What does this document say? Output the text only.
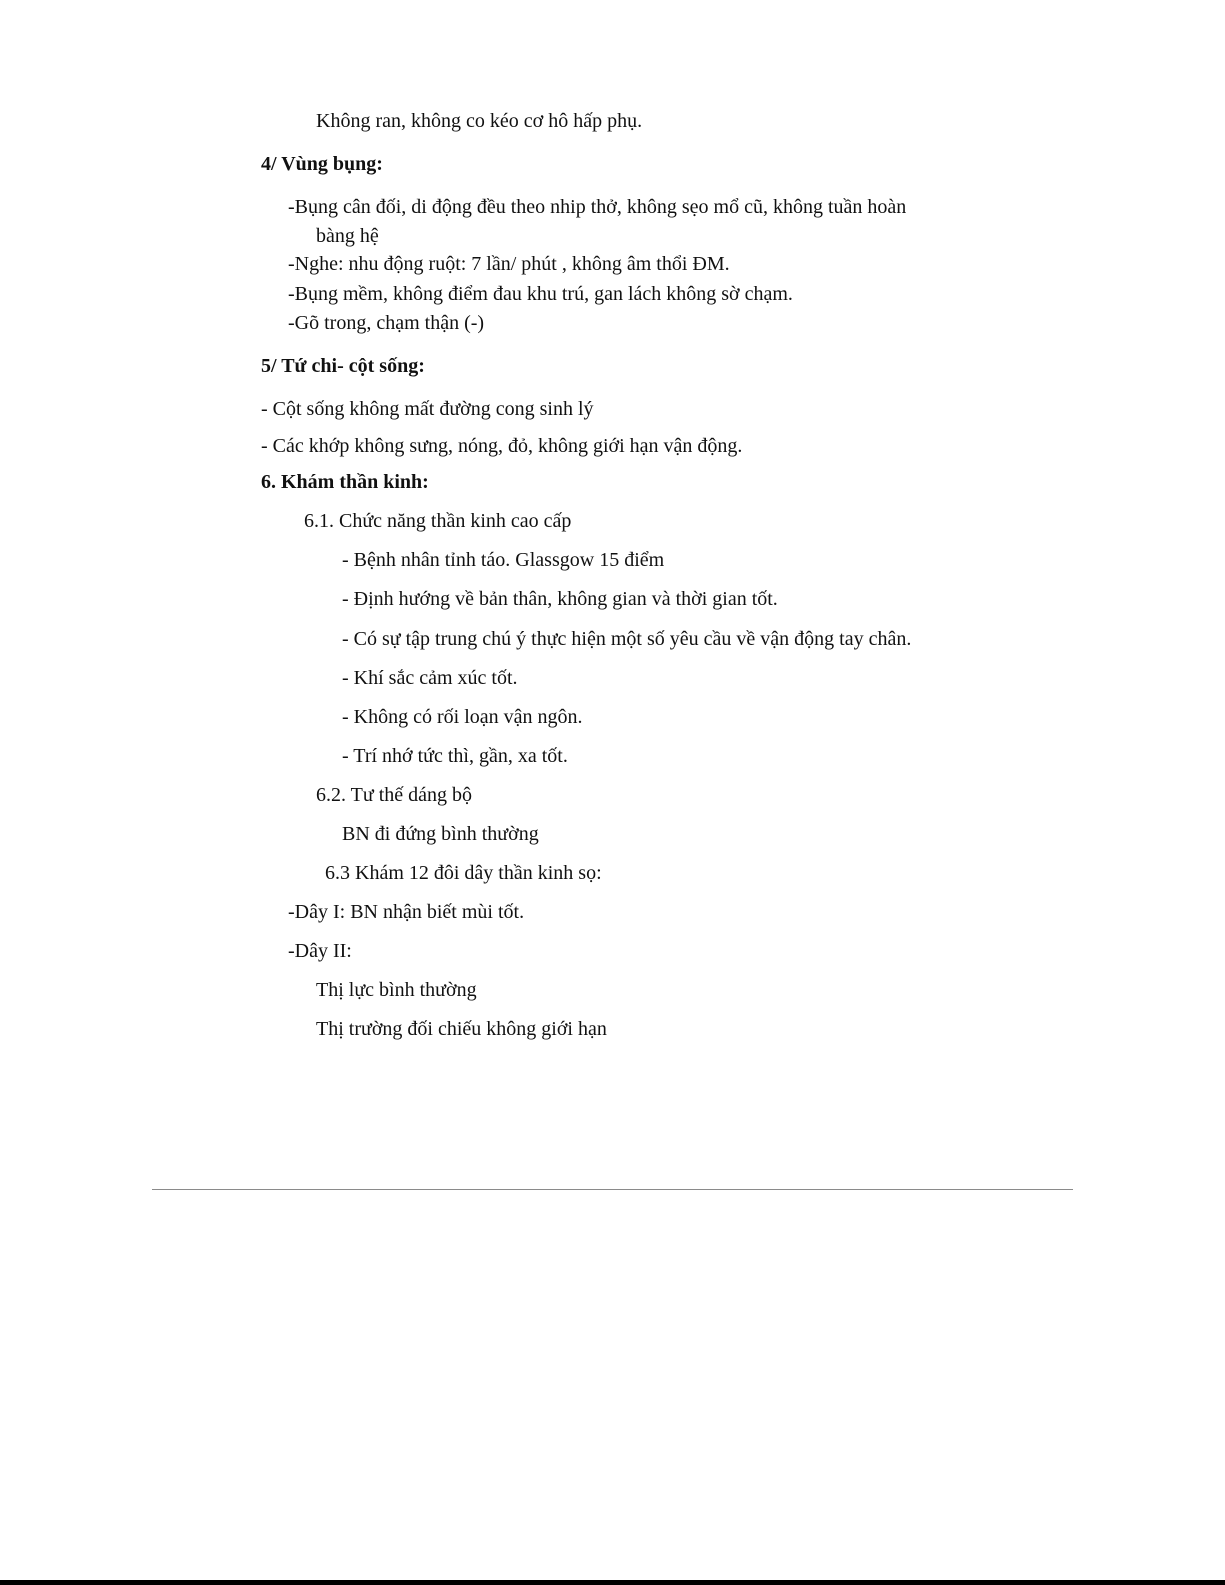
Không ran, không co kéo cơ hô hấp phụ.
4/ Vùng bụng:
-Bụng cân đối, di động đều theo nhip thở, không sẹo mổ cũ, không tuần hoàn
bàng hệ
-Nghe: nhu động ruột: 7 lần/ phút , không âm thổi ĐM.
-Bụng mềm, không điểm đau khu trú, gan lách không sờ chạm.
-Gõ trong, chạm thận (-)
5/ Tứ chi- cột sống:
- Cột sống không mất đường cong sinh lý
- Các khớp không sưng, nóng, đỏ, không giới hạn vận động.
6. Khám thần kinh:
6.1. Chức năng thần kinh cao cấp
- Bệnh nhân tỉnh táo. Glassgow 15 điểm
- Định hướng về bản thân, không gian và thời gian tốt.
- Có sự tập trung chú ý thực hiện một số yêu cầu về vận động tay chân.
- Khí sắc cảm xúc tốt.
- Không có rối loạn vận ngôn.
- Trí nhớ tức thì, gần, xa tốt.
6.2. Tư thế dáng bộ
BN đi đứng bình thường
6.3 Khám 12 đôi dây thần kinh sọ:
-Dây I: BN nhận biết mùi tốt.
-Dây II:
Thị lực bình thường
Thị trường đối chiếu không giới hạn
